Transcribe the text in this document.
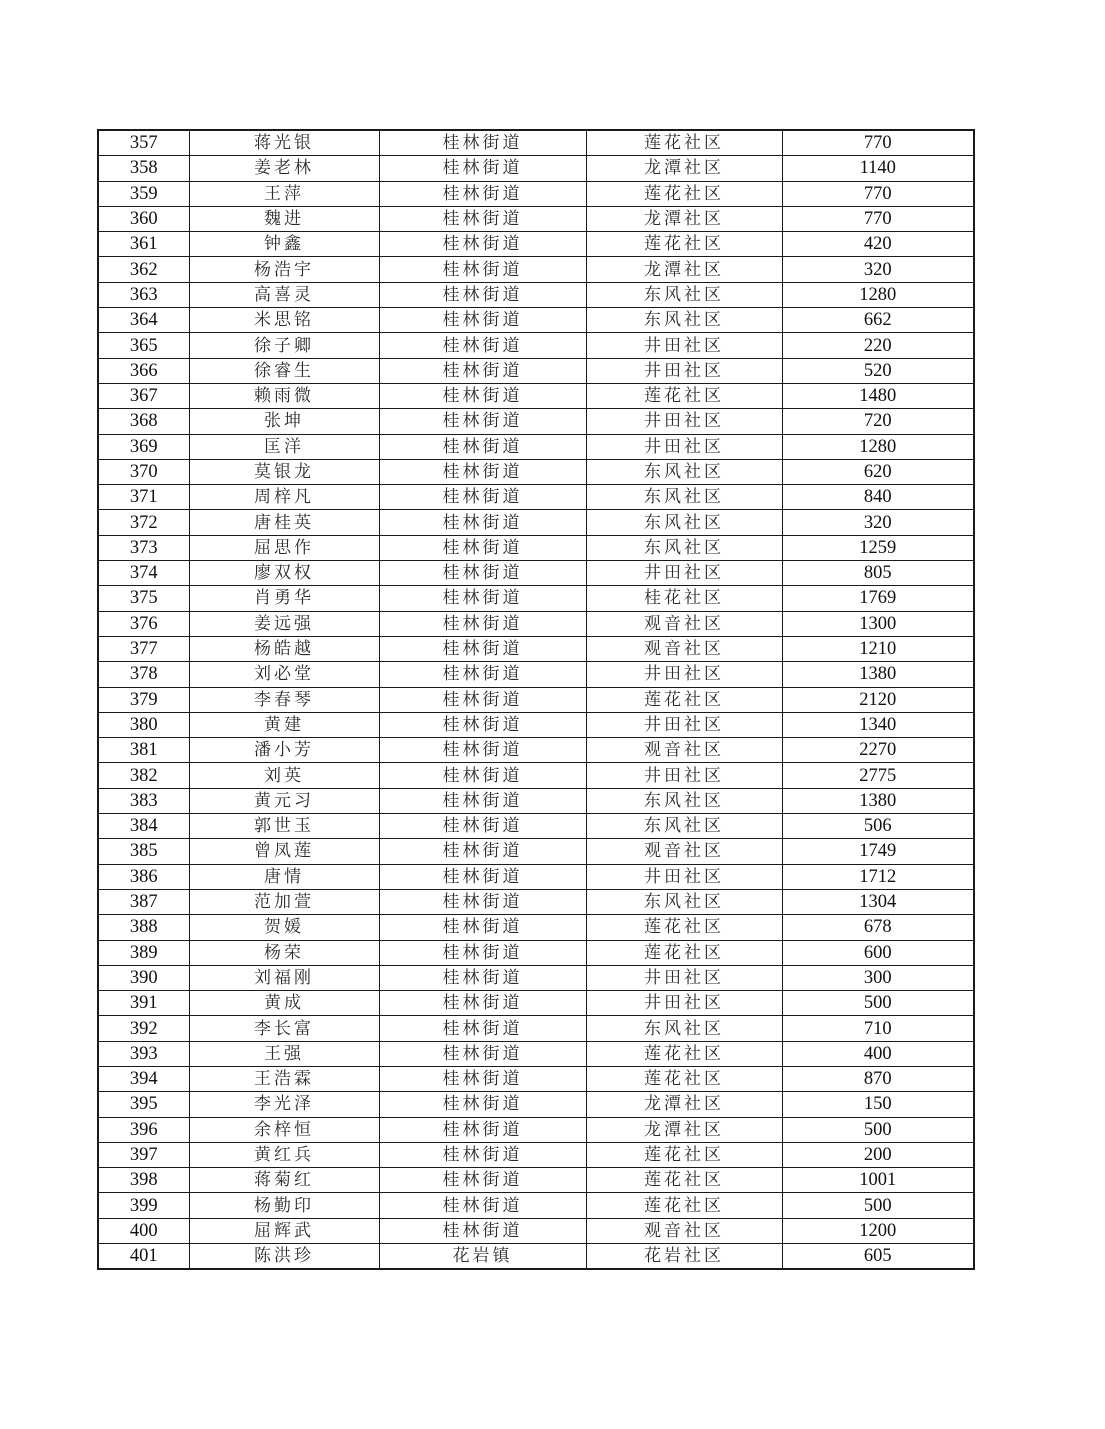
357	蒋光银	桂林街道	莲花社区	770
358	姜老林	桂林街道	龙潭社区	1140
359	王萍	桂林街道	莲花社区	770
360	魏进	桂林街道	龙潭社区	770
361	钟鑫	桂林街道	莲花社区	420
362	杨浩宇	桂林街道	龙潭社区	320
363	高喜灵	桂林街道	东风社区	1280
364	米思铭	桂林街道	东风社区	662
365	徐子卿	桂林街道	井田社区	220
366	徐睿生	桂林街道	井田社区	520
367	赖雨微	桂林街道	莲花社区	1480
368	张坤	桂林街道	井田社区	720
369	匡洋	桂林街道	井田社区	1280
370	莫银龙	桂林街道	东风社区	620
371	周梓凡	桂林街道	东风社区	840
372	唐桂英	桂林街道	东风社区	320
373	屈思作	桂林街道	东风社区	1259
374	廖双权	桂林街道	井田社区	805
375	肖勇华	桂林街道	桂花社区	1769
376	姜远强	桂林街道	观音社区	1300
377	杨皓越	桂林街道	观音社区	1210
378	刘必堂	桂林街道	井田社区	1380
379	李春琴	桂林街道	莲花社区	2120
380	黄建	桂林街道	井田社区	1340
381	潘小芳	桂林街道	观音社区	2270
382	刘英	桂林街道	井田社区	2775
383	黄元习	桂林街道	东风社区	1380
384	郭世玉	桂林街道	东风社区	506
385	曾凤莲	桂林街道	观音社区	1749
386	唐情	桂林街道	井田社区	1712
387	范加萱	桂林街道	东风社区	1304
388	贺媛	桂林街道	莲花社区	678
389	杨荣	桂林街道	莲花社区	600
390	刘福刚	桂林街道	井田社区	300
391	黄成	桂林街道	井田社区	500
392	李长富	桂林街道	东风社区	710
393	王强	桂林街道	莲花社区	400
394	王浩霖	桂林街道	莲花社区	870
395	李光泽	桂林街道	龙潭社区	150
396	余梓恒	桂林街道	龙潭社区	500
397	黄红兵	桂林街道	莲花社区	200
398	蒋菊红	桂林街道	莲花社区	1001
399	杨勤印	桂林街道	莲花社区	500
400	屈辉武	桂林街道	观音社区	1200
401	陈洪珍	花岩镇	花岩社区	605
